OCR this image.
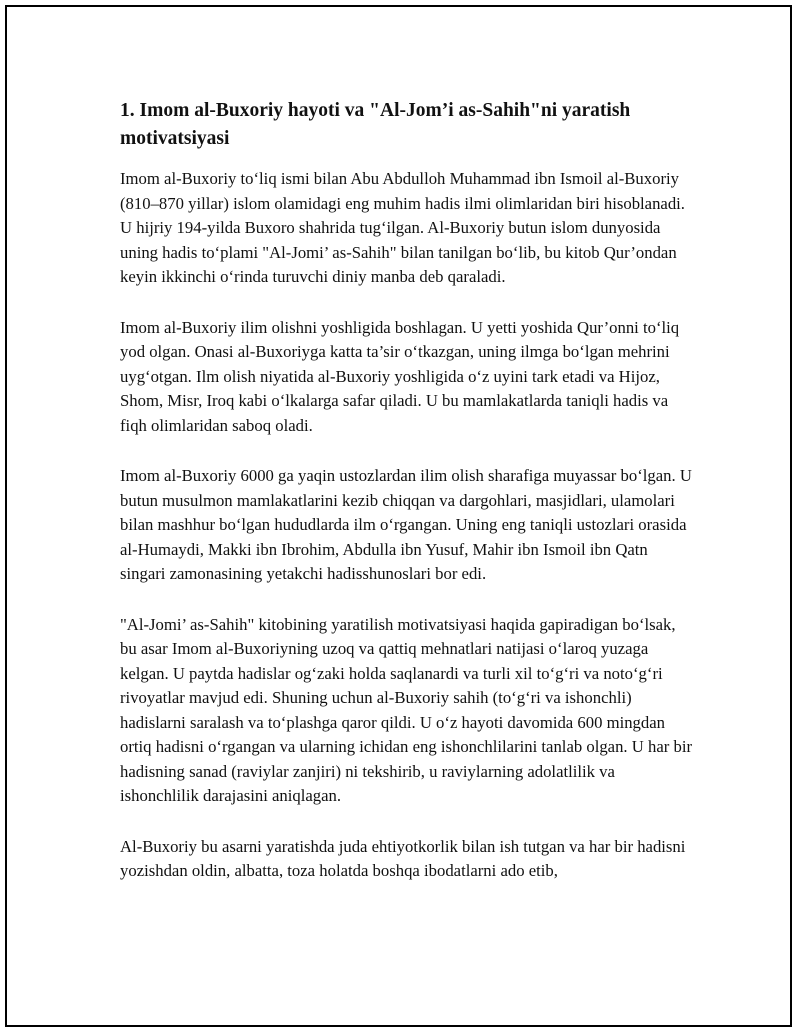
1. Imom al-Buxoriy hayoti va "Al-Jom’i as-Sahih"ni yaratish motivatsiyasi

Imom al-Buxoriy to‘liq ismi bilan Abu Abdulloh Muhammad ibn Ismoil al-Buxoriy (810–870 yillar) islom olamidagi eng muhim hadis ilmi olimlaridan biri hisoblanadi. U hijriy 194-yilda Buxoro shahrida tug‘ilgan. Al-Buxoriy butun islom dunyosida uning hadis to‘plami "Al-Jomi’ as-Sahih" bilan tanilgan bo‘lib, bu kitob Qur’ondan keyin ikkinchi o‘rinda turuvchi diniy manba deb qaraladi.

Imom al-Buxoriy ilim olishni yoshligida boshlagan. U yetti yoshida Qur’onni to‘liq yod olgan. Onasi al-Buxoriyga katta ta’sir o‘tkazgan, uning ilmga bo‘lgan mehrini uyg‘otgan. Ilm olish niyatida al-Buxoriy yoshligida o‘z uyini tark etadi va Hijoz, Shom, Misr, Iroq kabi o‘lkalarga safar qiladi. U bu mamlakatlarda taniqli hadis va fiqh olimlaridan saboq oladi.

Imom al-Buxoriy 6000 ga yaqin ustozlardan ilim olish sharafiga muyassar bo‘lgan. U butun musulmon mamlakatlarini kezib chiqqan va dargohlari, masjidlari, ulamolari bilan mashhur bo‘lgan hududlarda ilm o‘rgangan. Uning eng taniqli ustozlari orasida al-Humaydi, Makki ibn Ibrohim, Abdulla ibn Yusuf, Mahir ibn Ismoil ibn Qatn singari zamonasining yetakchi hadisshunoslari bor edi.

"Al-Jomi’ as-Sahih" kitobining yaratilish motivatsiyasi haqida gapiradigan bo‘lsak, bu asar Imom al-Buxoriyning uzoq va qattiq mehnatlari natijasi o‘laroq yuzaga kelgan. U paytda hadislar og‘zaki holda saqlanardi va turli xil to‘g‘ri va noto‘g‘ri rivoyatlar mavjud edi. Shuning uchun al-Buxoriy sahih (to‘g‘ri va ishonchli) hadislarni saralash va to‘plashga qaror qildi. U o‘z hayoti davomida 600 mingdan ortiq hadisni o‘rgangan va ularning ichidan eng ishonchlilarini tanlab olgan. U har bir hadisning sanad (raviylar zanjiri) ni tekshirib, u raviylarning adolatlilik va ishonchlilik darajasini aniqlagan.

Al-Buxoriy bu asarni yaratishda juda ehtiyotkorlik bilan ish tutgan va har bir hadisni yozishdan oldin, albatta, toza holatda boshqa ibodatlarni ado etib,
